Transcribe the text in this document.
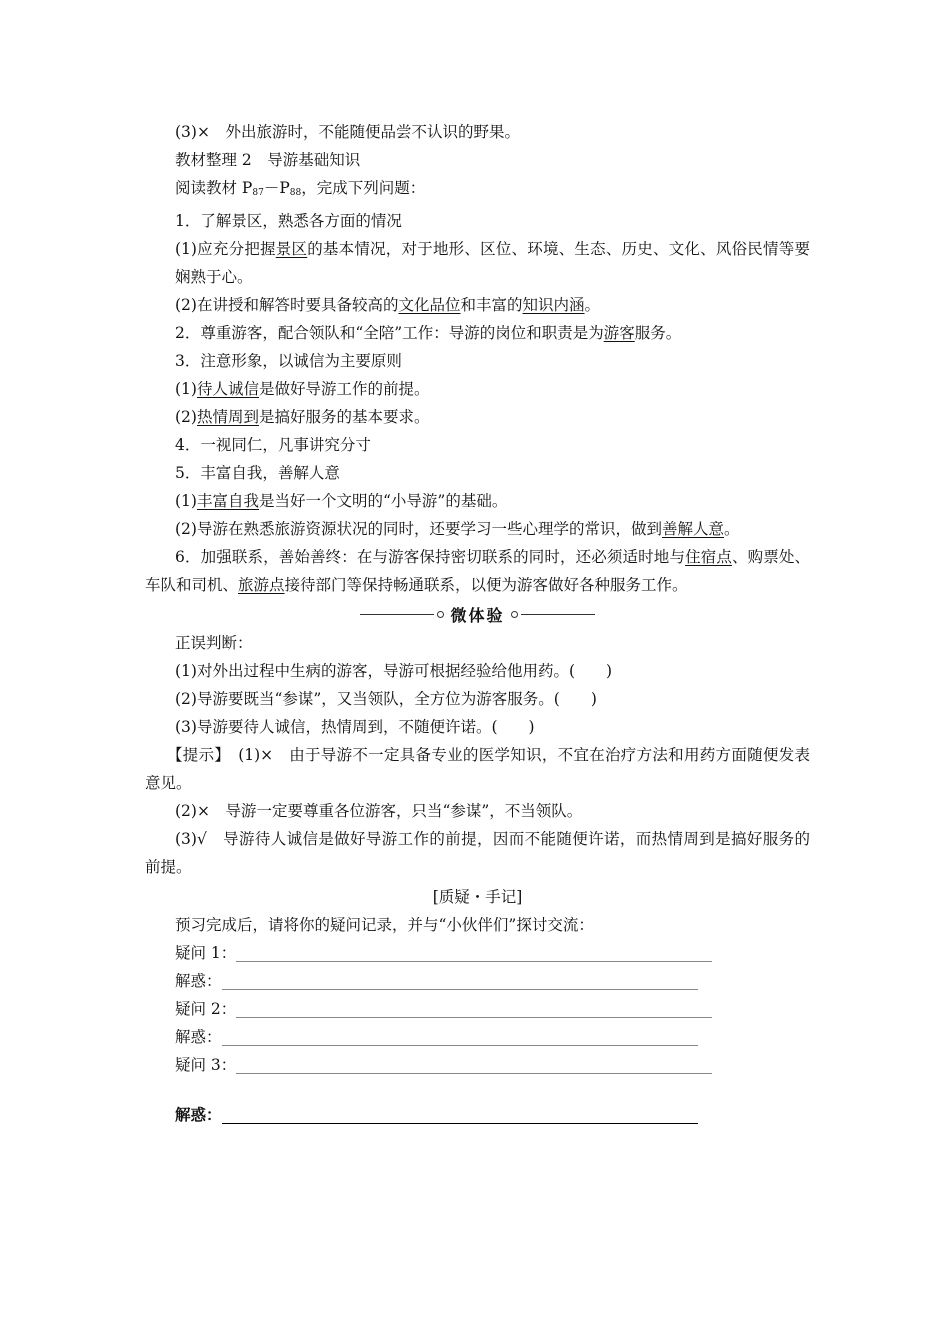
(3)×　外出旅游时，不能随便品尝不认识的野果。
教材整理 2　导游基础知识
阅读教材 $P_{87}-P_{88}$，完成下列问题：
1．了解景区，熟悉各方面的情况
(1)应充分把握景区的基本情况，对于地形、区位、环境、生态、历史、文化、风俗民情等要娴熟于心。
(2)在讲授和解答时要具备较高的文化品位和丰富的知识内涵。
2．尊重游客，配合领队和“全陪”工作：导游的岗位和职责是为游客服务。
3．注意形象，以诚信为主要原则
(1)待人诚信是做好导游工作的前提。
(2)热情周到是搞好服务的基本要求。
4．一视同仁，凡事讲究分寸
5．丰富自我，善解人意
(1)丰富自我是当好一个文明的“小导游”的基础。
(2)导游在熟悉旅游资源状况的同时，还要学习一些心理学的常识，做到善解人意。
6．加强联系，善始善终：在与游客保持密切联系的同时，还必须适时地与住宿点、购票处、车队和司机、旅游点接待部门等保持畅通联系，以便为游客做好各种服务工作。
微体验
正误判断：
(1)对外出过程中生病的游客，导游可根据经验给他用药。(　　)
(2)导游要既当“参谋”，又当领队，全方位为游客服务。(　　)
(3)导游要待人诚信，热情周到，不随便许诺。(　　)
【提示】　(1)×　由于导游不一定具备专业的医学知识，不宜在治疗方法和用药方面随便发表意见。
(2)×　导游一定要尊重各位游客，只当“参谋”，不当领队。
(3)√　导游待人诚信是做好导游工作的前提，因而不能随便许诺，而热情周到是搞好服务的前提。
[质疑・手记]
预习完成后，请将你的疑问记录，并与“小伙伴们”探讨交流：
疑问 1：
解惑：
疑问 2：
解惑：
疑问 3：
解惑：
